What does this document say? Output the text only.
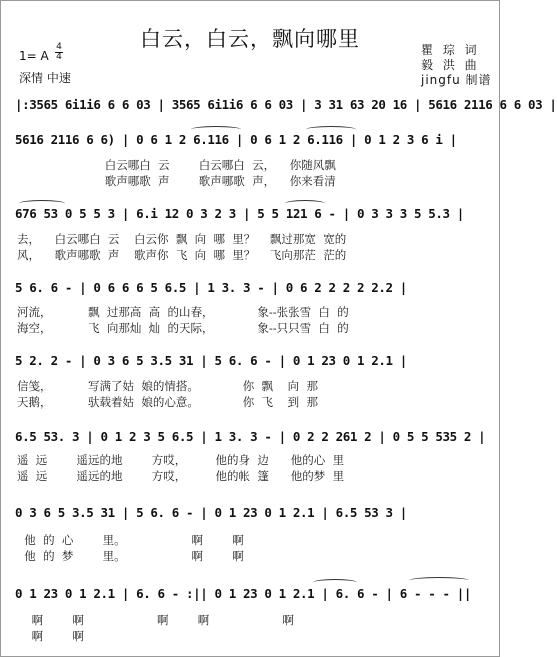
白云，白云，飘向哪里
1= A
4
4
深情 中速
瞿 琮 词
毅 洪 曲
jingfu 制谱
|:3565 6i1i6 6 6 03 | 3565 6i1i6 6 6 03 | 3 31 63 20 16 | 5616 2116 6 6 03 |
5616 2116 6 6) | 0 6 1 2 6.116 | 0 6 1 2 6.116 | 0 1 2 3 6 i |
白云哪白  云        白云哪白  云，    你随风飘
歌声哪歌  声        歌声哪歌  声，    你来看清
676 53 0 5 5 3 | 6.i 12 0 3 2 3 | 5 5 121 6 - | 0 3 3 3 5 5.3 |
去，    白云哪白  云    白云你  飘  向  哪  里？    飘过那宽  宽的
风，    歌声哪歌  声    歌声你  飞  向  哪  里？    飞向那茫  茫的
5 6. 6 - | 0 6 6 6 5 6.5 | 1 3. 3 - | 0 6 2 2 2 2 2.2 |
河流，          飘  过那高  高  的山春，            象--张张雪  白  的
海空，          飞  向那灿  灿  的天际，            象--只只雪  白  的
5 2. 2 - | 0 3 6 5 3.5 31 | 5 6. 6 - | 0 1 23 0 1 2.1 |
信笺，          写满了姑  娘的情搭。            你  飘    向  那
天鹅，          驮载着姑  娘的心意。            你  飞    到  那
6.5 53. 3 | 0 1 2 3 5 6.5 | 1 3. 3 - | 0 2 2 261 2 | 0 5 5 535 2 |
遥  远        遥远的地        方哎，        他的身  边      他的心  里
遥  远        遥远的地        方哎，        他的帐  篷      他的梦  里
0 3 6 5 3.5 31 | 5 6. 6 - | 0 1 23 0 1 2.1 | 6.5 53 3 |
他  的  心        里。                  啊        啊
他  的  梦        里。                  啊        啊
0 1 23 0 1 2.1 | 6. 6 - :|| 0 1 23 0 1 2.1 | 6. 6 - | 6 - - - ||
啊        啊                    啊        啊                    啊
啊        啊
